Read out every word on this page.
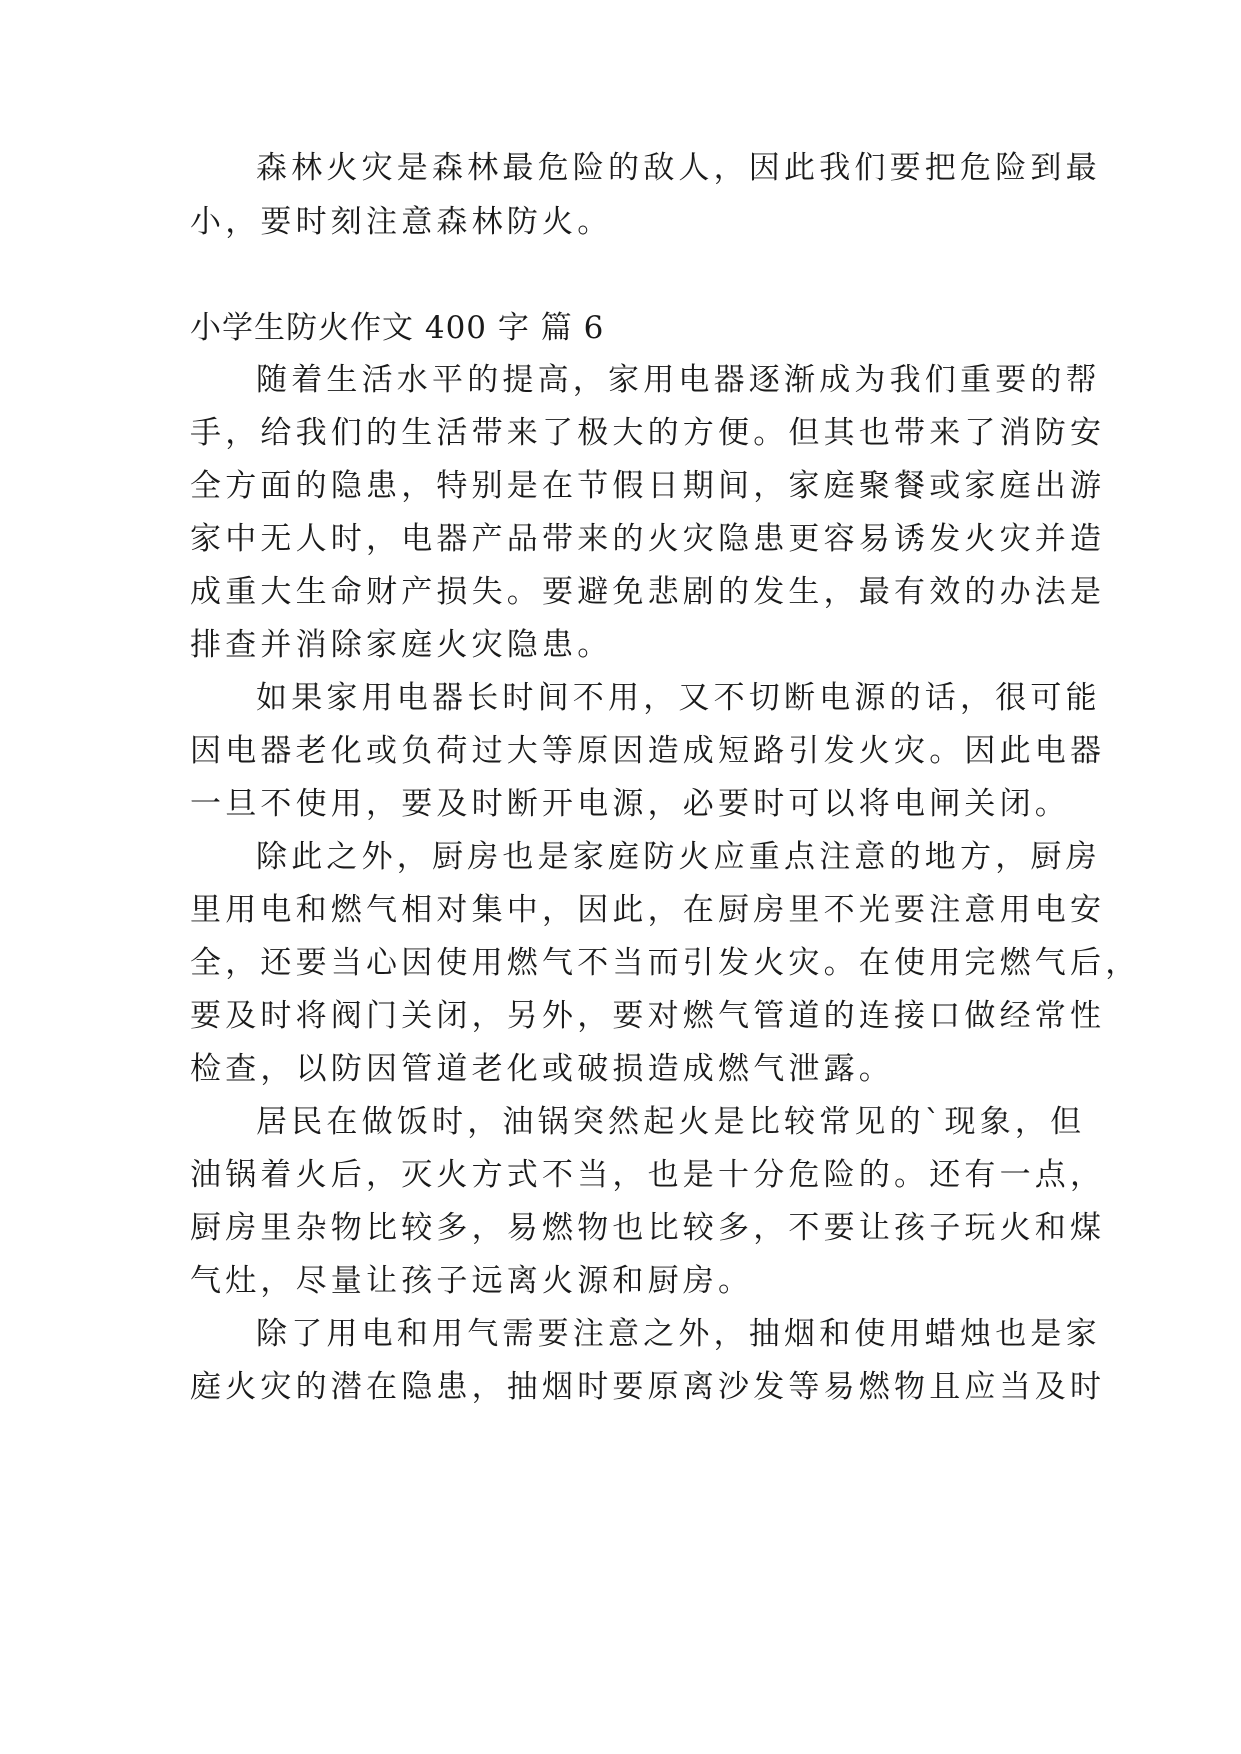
森林火灾是森林最危险的敌人，因此我们要把危险到最

小，要时刻注意森林防火。

小学生防火作文 400 字 篇 6

随着生活水平的提高，家用电器逐渐成为我们重要的帮

手，给我们的生活带来了极大的方便。但其也带来了消防安

全方面的隐患，特别是在节假日期间，家庭聚餐或家庭出游

家中无人时，电器产品带来的火灾隐患更容易诱发火灾并造

成重大生命财产损失。要避免悲剧的发生，最有效的办法是

排查并消除家庭火灾隐患。

如果家用电器长时间不用，又不切断电源的话，很可能

因电器老化或负荷过大等原因造成短路引发火灾。因此电器

一旦不使用，要及时断开电源，必要时可以将电闸关闭。

除此之外，厨房也是家庭防火应重点注意的地方，厨房

里用电和燃气相对集中，因此，在厨房里不光要注意用电安

全，还要当心因使用燃气不当而引发火灾。在使用完燃气后，

要及时将阀门关闭，另外，要对燃气管道的连接口做经常性

检查，以防因管道老化或破损造成燃气泄露。

居民在做饭时，油锅突然起火是比较常见的`现象，但

油锅着火后，灭火方式不当，也是十分危险的。还有一点，

厨房里杂物比较多，易燃物也比较多，不要让孩子玩火和煤

气灶，尽量让孩子远离火源和厨房。

除了用电和用气需要注意之外，抽烟和使用蜡烛也是家

庭火灾的潜在隐患，抽烟时要原离沙发等易燃物且应当及时
